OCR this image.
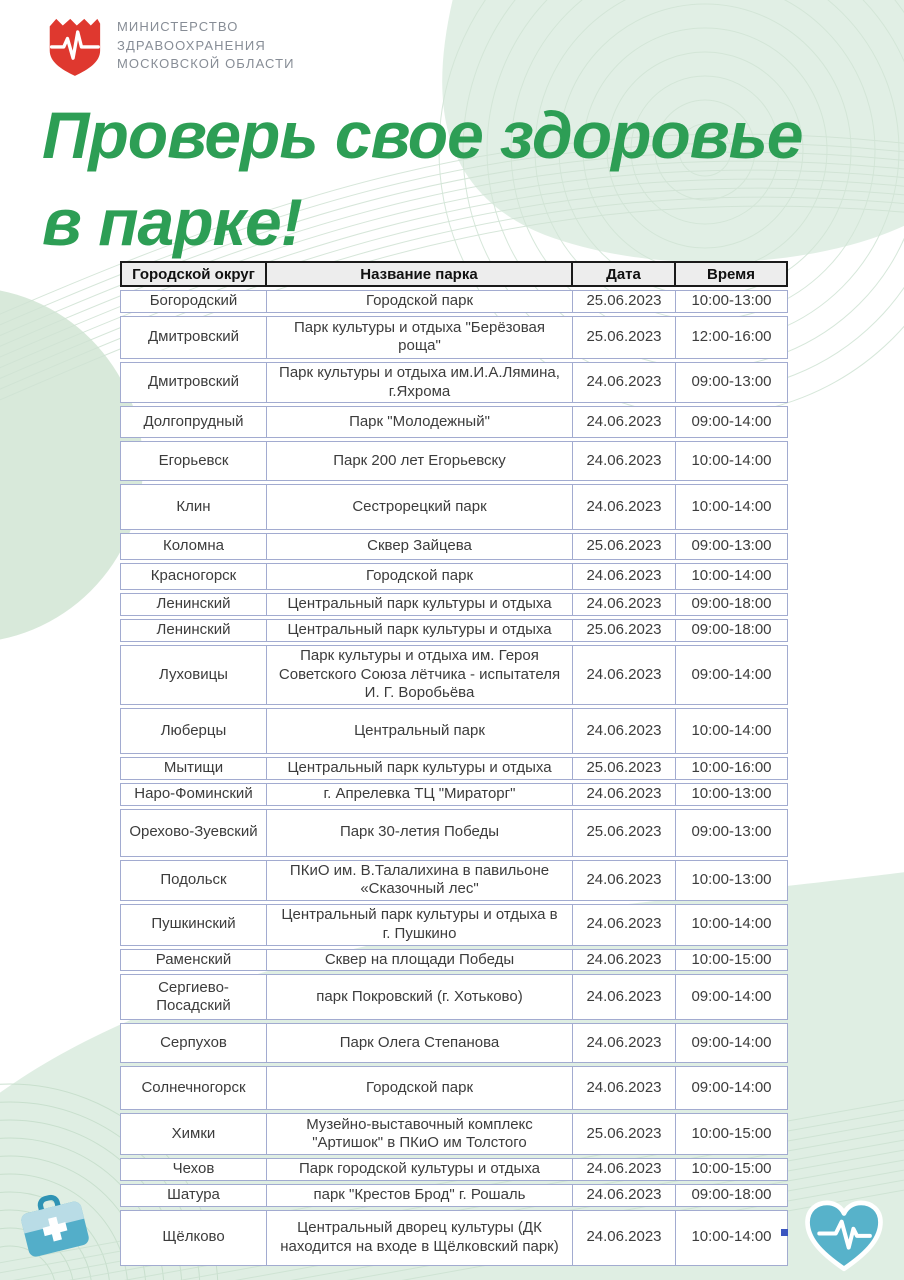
МИНИСТЕРСТВО
ЗДРАВООХРАНЕНИЯ
МОСКОВСКОЙ ОБЛАСТИ
Проверь свое здоровье
в парке!
Городской округ	Название парка	Дата	Время
Богородский	Городской парк	25.06.2023	10:00-13:00
Дмитровский	Парк культуры и отдыха "Берёзовая роща"	25.06.2023	12:00-16:00
Дмитровский	Парк культуры и отдыха им.И.А.Лямина, г.Яхрома	24.06.2023	09:00-13:00
Долгопрудный	Парк "Молодежный"	24.06.2023	09:00-14:00
Егорьевск	Парк 200 лет Егорьевску	24.06.2023	10:00-14:00
Клин	Сестрорецкий парк	24.06.2023	10:00-14:00
Коломна	Сквер Зайцева	25.06.2023	09:00-13:00
Красногорск	Городской парк	24.06.2023	10:00-14:00
Ленинский	Центральный парк культуры и отдыха	24.06.2023	09:00-18:00
Ленинский	Центральный парк культуры и отдыха	25.06.2023	09:00-18:00
Луховицы	Парк культуры и отдыха им. Героя Советского Союза лётчика - испытателя И. Г. Воробьёва	24.06.2023	09:00-14:00
Люберцы	Центральный парк	24.06.2023	10:00-14:00
Мытищи	Центральный парк культуры и отдыха	25.06.2023	10:00-16:00
Наро-Фоминский	г. Апрелевка ТЦ "Мираторг"	24.06.2023	10:00-13:00
Орехово-Зуевский	Парк 30-летия Победы	25.06.2023	09:00-13:00
Подольск	ПКиО им. В.Талалихина в павильоне «Сказочный лес"	24.06.2023	10:00-13:00
Пушкинский	Центральный парк культуры и отдыха в г. Пушкино	24.06.2023	10:00-14:00
Раменский	Сквер на площади Победы	24.06.2023	10:00-15:00
Сергиево-Посадский	парк Покровский (г. Хотьково)	24.06.2023	09:00-14:00
Серпухов	Парк Олега Степанова	24.06.2023	09:00-14:00
Солнечногорск	Городской парк	24.06.2023	09:00-14:00
Химки	Музейно-выставочный комплекс "Артишок" в ПКиО им Толстого	25.06.2023	10:00-15:00
Чехов	Парк городской культуры и отдыха	24.06.2023	10:00-15:00
Шатура	парк "Крестов Брод" г. Рошаль	24.06.2023	09:00-18:00
Щёлково	Центральный дворец культуры (ДК находится на входе в Щёлковский парк)	24.06.2023	10:00-14:00
